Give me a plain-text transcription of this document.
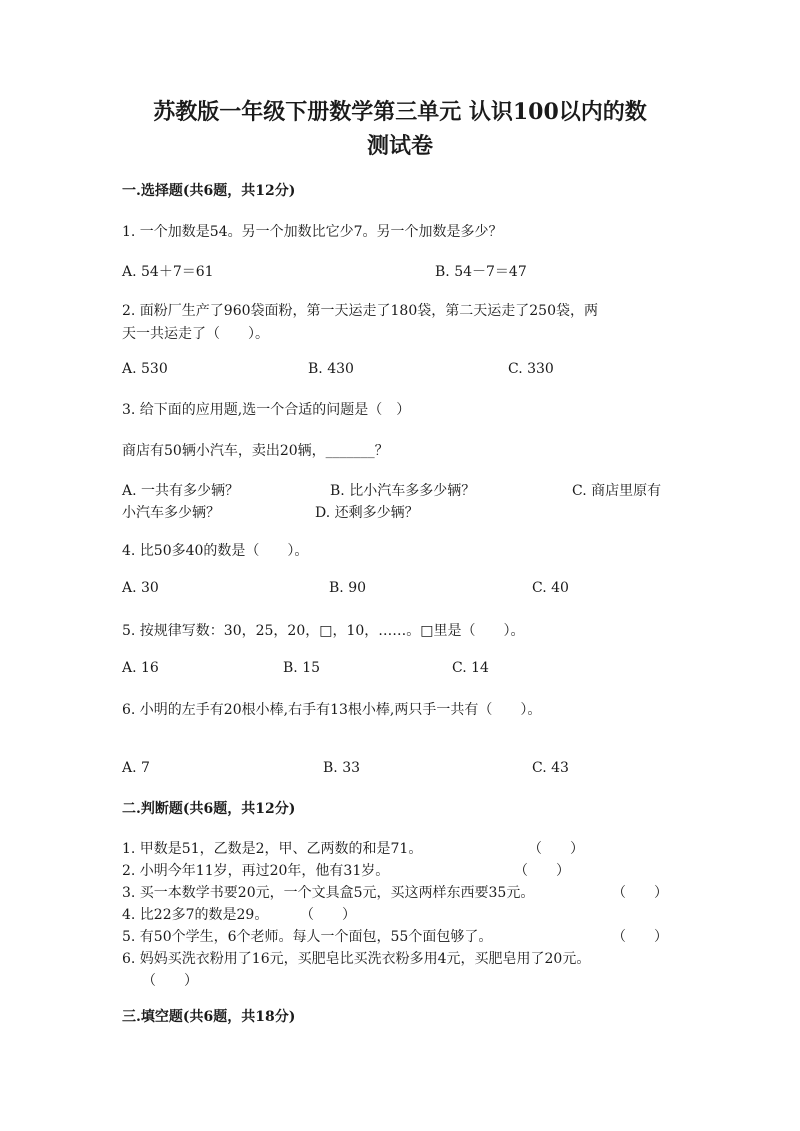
苏教版一年级下册数学第三单元 认识100以内的数
测试卷
一.选择题(共6题，共12分)
1. 一个加数是54。另一个加数比它少7。另一个加数是多少？
A. 54＋7＝61	B. 54－7＝47
2. 面粉厂生产了960袋面粉，第一天运走了180袋，第二天运走了250袋，两
天一共运走了（　　）。
A. 530	B. 430	C. 330
3. 给下面的应用题,选一个合适的问题是（　）
商店有50辆小汽车，卖出20辆，_______？
A. 一共有多少辆？	B. 比小汽车多多少辆？	C. 商店里原有
小汽车多少辆？	D. 还剩多少辆？
4. 比50多40的数是（　　）。
A. 30	B. 90	C. 40
5. 按规律写数：30，25，20，□，10，……。□里是（　　）。
A. 16	B. 15	C. 14
6. 小明的左手有20根小棒,右手有13根小棒,两只手一共有（　　）。
A. 7	B. 33	C. 43
二.判断题(共6题，共12分)
1. 甲数是51，乙数是2，甲、乙两数的和是71。	（　　）
2. 小明今年11岁，再过20年，他有31岁。	（　　）
3. 买一本数学书要20元，一个文具盒5元，买这两样东西要35元。	（　　）
4. 比22多7的数是29。 （　　）
5. 有50个学生，6个老师。每人一个面包，55个面包够了。	（　　）
6. 妈妈买洗衣粉用了16元，买肥皂比买洗衣粉多用4元，买肥皂用了20元。
（　　）
三.填空题(共6题，共18分)
